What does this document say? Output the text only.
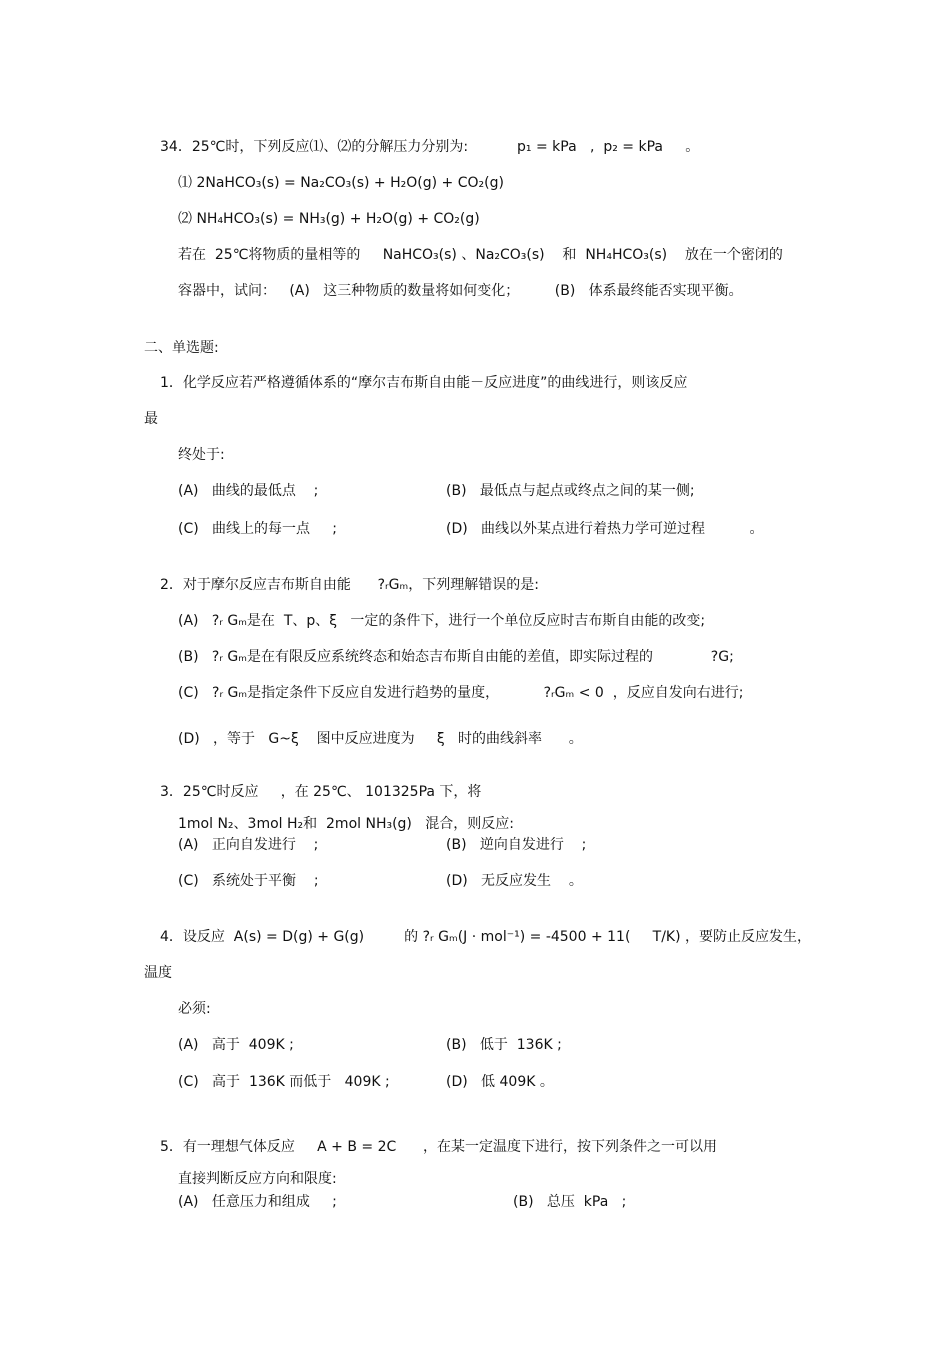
34．25℃时，下列反应⑴、⑵的分解压力分别为:           p₁ = kPa   ,  p₂ = kPa     。

⑴ 2NaHCO₃(s) = Na₂CO₃(s) + H₂O(g) + CO₂(g)

⑵ NH₄HCO₃(s) = NH₃(g) + H₂O(g) + CO₂(g)

若在  25℃将物质的量相等的     NaHCO₃(s) 、Na₂CO₃(s)    和  NH₄HCO₃(s)    放在一个密闭的

容器中，试问：   (A)   这三种物质的数量将如何变化；        (B)   体系最终能否实现平衡。

二、单选题:

1．化学反应若严格遵循体系的“摩尔吉布斯自由能－反应进度”的曲线进行，则该反应

最

终处于:

(A)   曲线的最低点    ;	(B)   最低点与起点或终点之间的某一侧;

(C)   曲线上的每一点     ;	(D)   曲线以外某点进行着热力学可逆过程          。

2．对于摩尔反应吉布斯自由能      ?ᵣGₘ，下列理解错误的是:

(A)   ?ᵣ Gₘ是在  T、p、ξ   一定的条件下，进行一个单位反应时吉布斯自由能的改变;

(B)   ?ᵣ Gₘ是在有限反应系统终态和始态吉布斯自由能的差值，即实际过程的             ?G;

(C)   ?ᵣ Gₘ是指定条件下反应自发进行趋势的量度，          ?ᵣGₘ < 0  ，反应自发向右进行;

(D)   ，等于   G~ξ    图中反应进度为     ξ   时的曲线斜率      。

3．25℃时反应     ，在 25℃、 101325Pa 下，将

1mol N₂、3mol H₂和  2mol NH₃(g)   混合，则反应:

(A)   正向自发进行    ;	(B)   逆向自发进行    ;

(C)   系统处于平衡    ;	(D)   无反应发生    。

4．设反应  A(s) = D(g) + G(g)         的 ?ᵣ Gₘ(J · mol⁻¹) = -4500 + 11(     T/K) ，要防止反应发生，

温度

必须:

(A)   高于  409K ;	(B)   低于  136K ;

(C)   高于  136K 而低于   409K ;	(D)   低 409K 。

5．有一理想气体反应     A + B = 2C      ，在某一定温度下进行，按下列条件之一可以用

直接判断反应方向和限度:

(A)   任意压力和组成     ;	(B)   总压  kPa   ;
